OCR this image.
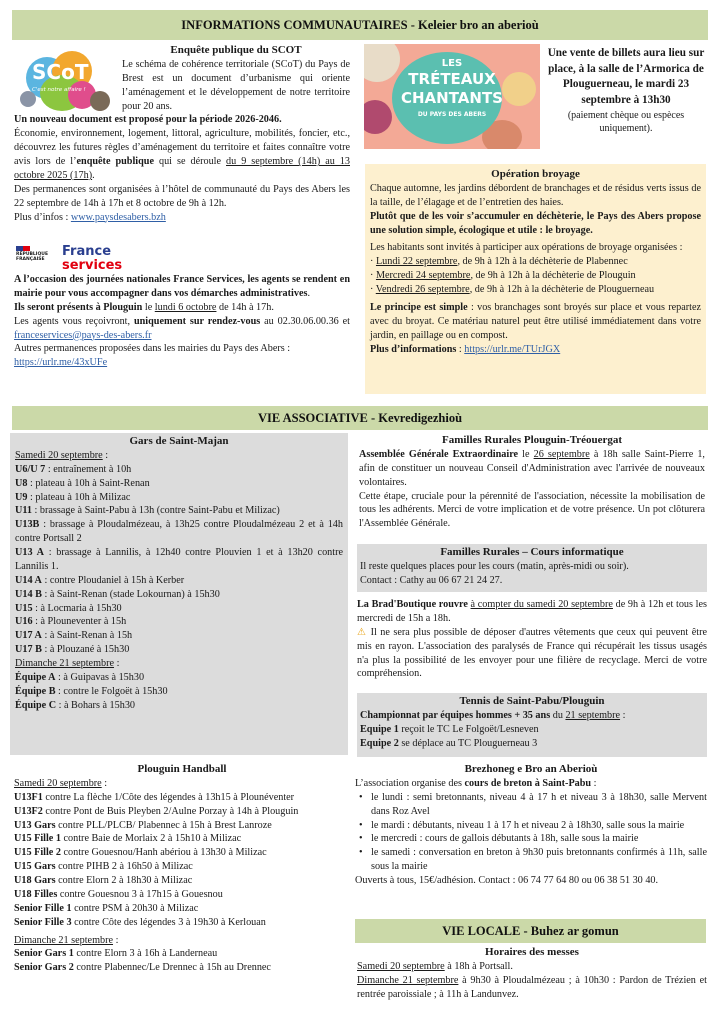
INFORMATIONS COMMUNAUTAIRES - Keleier bro an aberioù
SCoT
C'est notre affaire !
Enquête publique du SCOT
Le schéma de cohérence territoriale (SCoT) du Pays de Brest est un document d’urbanisme qui oriente l’aménagement et le développement de notre territoire pour 20 ans.
Un nouveau document est proposé pour la période 2026-2046.
Économie, environnement, logement, littoral, agriculture, mobilités, foncier, etc., découvrez les futures règles d’aménagement du territoire et faites connaître votre avis lors de l’enquête publique qui se déroule du 9 septembre (14h) au 13 octobre 2025 (17h).
Des permanences sont organisées à l’hôtel de communauté du Pays des Abers les 22 septembre de 14h à 17h et 8 octobre de 9h à 12h.
Plus d’infos : www.paysdesabers.bzh
RÉPUBLIQUE FRANÇAISE
France
services
A l’occasion des journées nationales France Services, les agents se rendent en mairie pour vous accompagner dans vos démarches administratives.
Ils seront présents à Plouguin le lundi 6 octobre de 14h à 17h.
Les agents vous reçoivront, uniquement sur rendez-vous au 02.30.06.00.36 et franceservices@pays-des-abers.fr
Autres permanences proposées dans les mairies du Pays des Abers :
https://urlr.me/43xUFe
LES
TRÉTEAUX
CHANTANTS
DU PAYS DES ABERS
Une vente de billets aura lieu sur place, à la salle de l’Armorica de Plouguerneau, le mardi 23 septembre à 13h30
(paiement chèque ou espèces uniquement).
Opération broyage
Chaque automne, les jardins débordent de branchages et de résidus verts issus de la taille, de l’élagage et de l’entretien des haies.
Plutôt que de les voir s’accumuler en déchèterie, le Pays des Abers propose une solution simple, écologique et utile : le broyage.
Les habitants sont invités à participer aux opérations de broyage organisées :
· Lundi 22 septembre, de 9h à 12h à la déchèterie de Plabennec
· Mercredi 24 septembre, de 9h à 12h à la déchèterie de Plouguin
· Vendredi 26 septembre, de 9h à 12h à la déchèterie de Plouguerneau
Le principe est simple : vos branchages sont broyés sur place et vous repartez avec du broyat. Ce matériau naturel peut être utilisé immédiatement dans votre jardin, en paillage ou en compost.
Plus d’informations : https://urlr.me/TUrJGX
VIE ASSOCIATIVE - Kevredigezhioù
Gars de Saint-Majan
Samedi 20 septembre :
U6/U 7 : entraînement à 10h
U8 : plateau à 10h à Saint-Renan
U9 : plateau à 10h à Milizac
U11 : brassage à Saint-Pabu à 13h (contre Saint-Pabu et Milizac)
U13B : brassage à Ploudalmézeau, à 13h25 contre Ploudalmézeau 2 et à 14h contre Portsall 2
U13 A : brassage à Lannilis, à 12h40 contre Plouvien 1 et à 13h20 contre Lannilis 1.
U14 A : contre Ploudaniel à 15h à Kerber
U14 B : à Saint-Renan (stade Lokournan) à 15h30
U15 : à Locmaria à 15h30
U16 : à Plouneventer à 15h
U17 A : à Saint-Renan à 15h
U17 B : à Plouzané à 15h30
Dimanche 21 septembre :
Équipe A : à Guipavas à 15h30
Équipe B : contre le Folgoët à 15h30
Équipe C : à Bohars à 15h30
Plouguin Handball
Samedi 20 septembre :
U13F1 contre La flèche 1/Côte des légendes à 13h15 à Plounéventer
U13F2 contre Pont de Buis Pleyben 2/Aulne Porzay à 14h à Plouguin
U13 Gars contre PLL/PLCB/ Plabennec à 15h à Brest Lanroze
U15 Fille 1 contre Baie de Morlaix 2 à 15h10 à Milizac
U15 Fille 2 contre Gouesnou/Hanh abériou à 13h30 à Milizac
U15 Gars contre PIHB 2 à 16h50 à Milizac
U18 Gars contre Elorn 2 à 18h30 à Milizac
U18 Filles contre Gouesnou 3 à 17h15 à Gouesnou
Senior Fille 1 contre PSM à 20h30 à Milizac
Senior Fille 3 contre Côte des légendes 3 à 19h30 à Kerlouan
Dimanche 21 septembre :
Senior Gars 1 contre Elorn 3 à 16h à Landerneau
Senior Gars 2 contre Plabennec/Le Drennec à 15h au Drennec
Familles Rurales Plouguin-Tréouergat
Assemblée Générale Extraordinaire le 26 septembre à 18h salle Saint-Pierre 1, afin de constituer un nouveau Conseil d'Administration avec l'arrivée de nouveaux volontaires.
Cette étape, cruciale pour la pérennité de l'association, nécessite la mobilisation de tous les adhérents. Merci de votre implication et de votre présence. Un pot clôturera l'Assemblée Générale.
Familles Rurales – Cours informatique
Il reste quelques places pour les cours (matin, après-midi ou soir).
Contact : Cathy au 06 67 21 24 27.
La Brad'Boutique rouvre à compter du samedi 20 septembre de 9h à 12h et tous les mercredi de 15h a 18h.
⚠ Il ne sera plus possible de déposer d'autres vêtements que ceux qui peuvent être mis en rayon. L'association des paralysés de France qui récupérait les tissus usagés n'a plus la possibilité de les envoyer pour une filière de recyclage. Merci de votre compréhension.
Tennis de Saint-Pabu/Plouguin
Championnat par équipes hommes + 35 ans du 21 septembre :
Equipe 1 reçoit le TC Le Folgoët/Lesneven
Equipe 2 se déplace au TC Plouguerneau 3
Brezhoneg e Bro an Aberioù
L’association organise des cours de breton à Saint-Pabu :
• le lundi : semi bretonnants, niveau 4 à 17 h et niveau 3 à 18h30, salle Mervent dans Roz Avel
• le mardi : débutants, niveau 1 à 17 h et niveau 2 à 18h30, salle sous la mairie
• le mercredi : cours de gallois débutants à 18h, salle sous la mairie
• le samedi : conversation en breton à 9h30 puis bretonnants confirmés à 11h, salle sous la mairie
Ouverts à tous, 15€/adhésion. Contact : 06 74 77 64 80 ou 06 38 51 30 40.
VIE LOCALE - Buhez ar gomun
Horaires des messes
Samedi 20 septembre à 18h à Portsall.
Dimanche 21 septembre à 9h30 à Ploudalmézeau ; à 10h30 : Pardon de Trézien et rentrée paroissiale ; à 11h à Landunvez.
